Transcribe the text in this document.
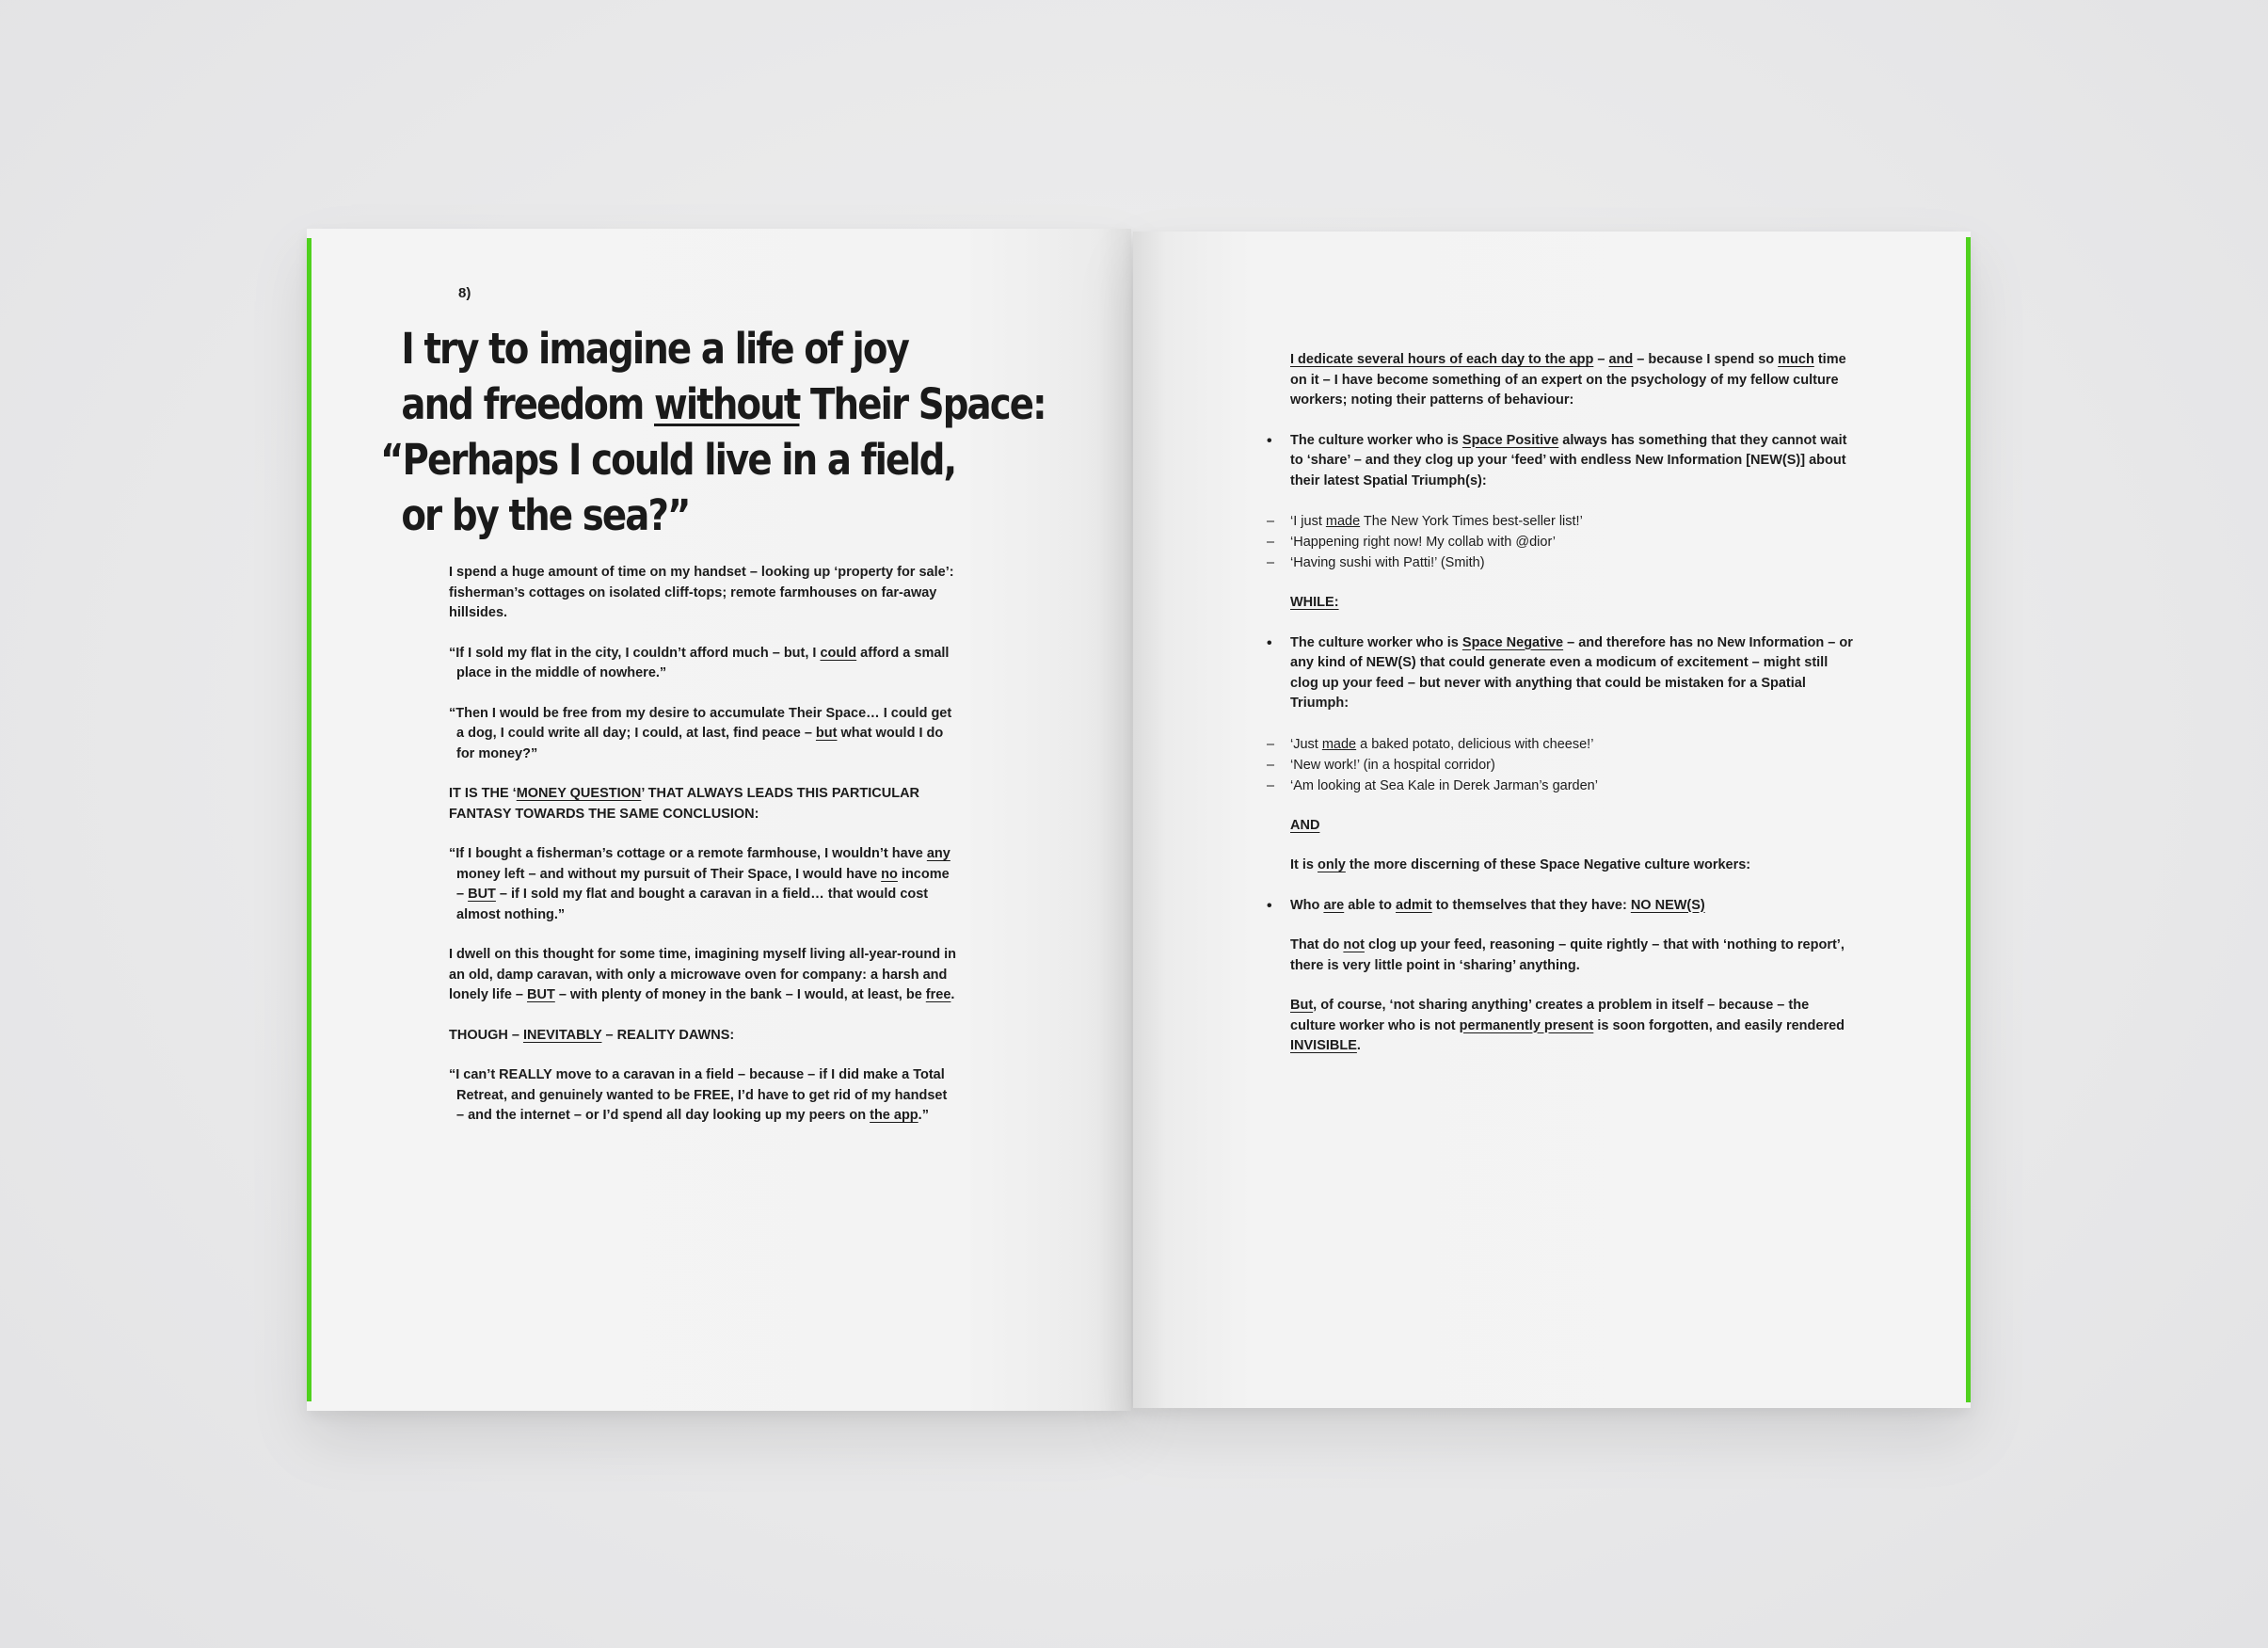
8)
I try to imagine a life of joy
and freedom without Their Space:
“Perhaps I could live in a field,
or by the sea?”

I spend a huge amount of time on my handset – looking up ‘property for sale’: fisherman’s cottages on isolated cliff-tops; remote farmhouses on far-away hillsides.

“If I sold my flat in the city, I couldn’t afford much – but, I could afford a small place in the middle of nowhere.”

“Then I would be free from my desire to accumulate Their Space… I could get a dog, I could write all day; I could, at last, find peace – but what would I do for money?”

IT IS THE ‘MONEY QUESTION’ THAT ALWAYS LEADS THIS PARTICULAR FANTASY TOWARDS THE SAME CONCLUSION:

“If I bought a fisherman’s cottage or a remote farmhouse, I wouldn’t have any money left – and without my pursuit of Their Space, I would have no income – BUT – if I sold my flat and bought a caravan in a field… that would cost almost nothing.”

I dwell on this thought for some time, imagining myself living all-year-round in an old, damp caravan, with only a microwave oven for company: a harsh and lonely life – BUT – with plenty of money in the bank – I would, at least, be free.

THOUGH – INEVITABLY – REALITY DAWNS:

“I can’t REALLY move to a caravan in a field – because – if I did make a Total Retreat, and genuinely wanted to be FREE, I’d have to get rid of my handset – and the internet – or I’d spend all day looking up my peers on the app.”

I dedicate several hours of each day to the app – and – because I spend so much time on it – I have become something of an expert on the psychology of my fellow culture workers; noting their patterns of behaviour:

• The culture worker who is Space Positive always has something that they cannot wait to ‘share’ – and they clog up your ‘feed’ with endless New Information [NEW(S)] about their latest Spatial Triumph(s):

– ‘I just made The New York Times best-seller list!’
– ‘Happening right now! My collab with @dior’
– ‘Having sushi with Patti!’ (Smith)

WHILE:

• The culture worker who is Space Negative – and therefore has no New Information – or any kind of NEW(S) that could generate even a modicum of excitement – might still clog up your feed – but never with anything that could be mistaken for a Spatial Triumph:

– ‘Just made a baked potato, delicious with cheese!’
– ‘New work!’ (in a hospital corridor)
– ‘Am looking at Sea Kale in Derek Jarman’s garden’

AND

It is only the more discerning of these Space Negative culture workers:

• Who are able to admit to themselves that they have: NO NEW(S)

That do not clog up your feed, reasoning – quite rightly – that with ‘nothing to report’, there is very little point in ‘sharing’ anything.

But, of course, ‘not sharing anything’ creates a problem in itself – because – the culture worker who is not permanently present is soon forgotten, and easily rendered INVISIBLE.
